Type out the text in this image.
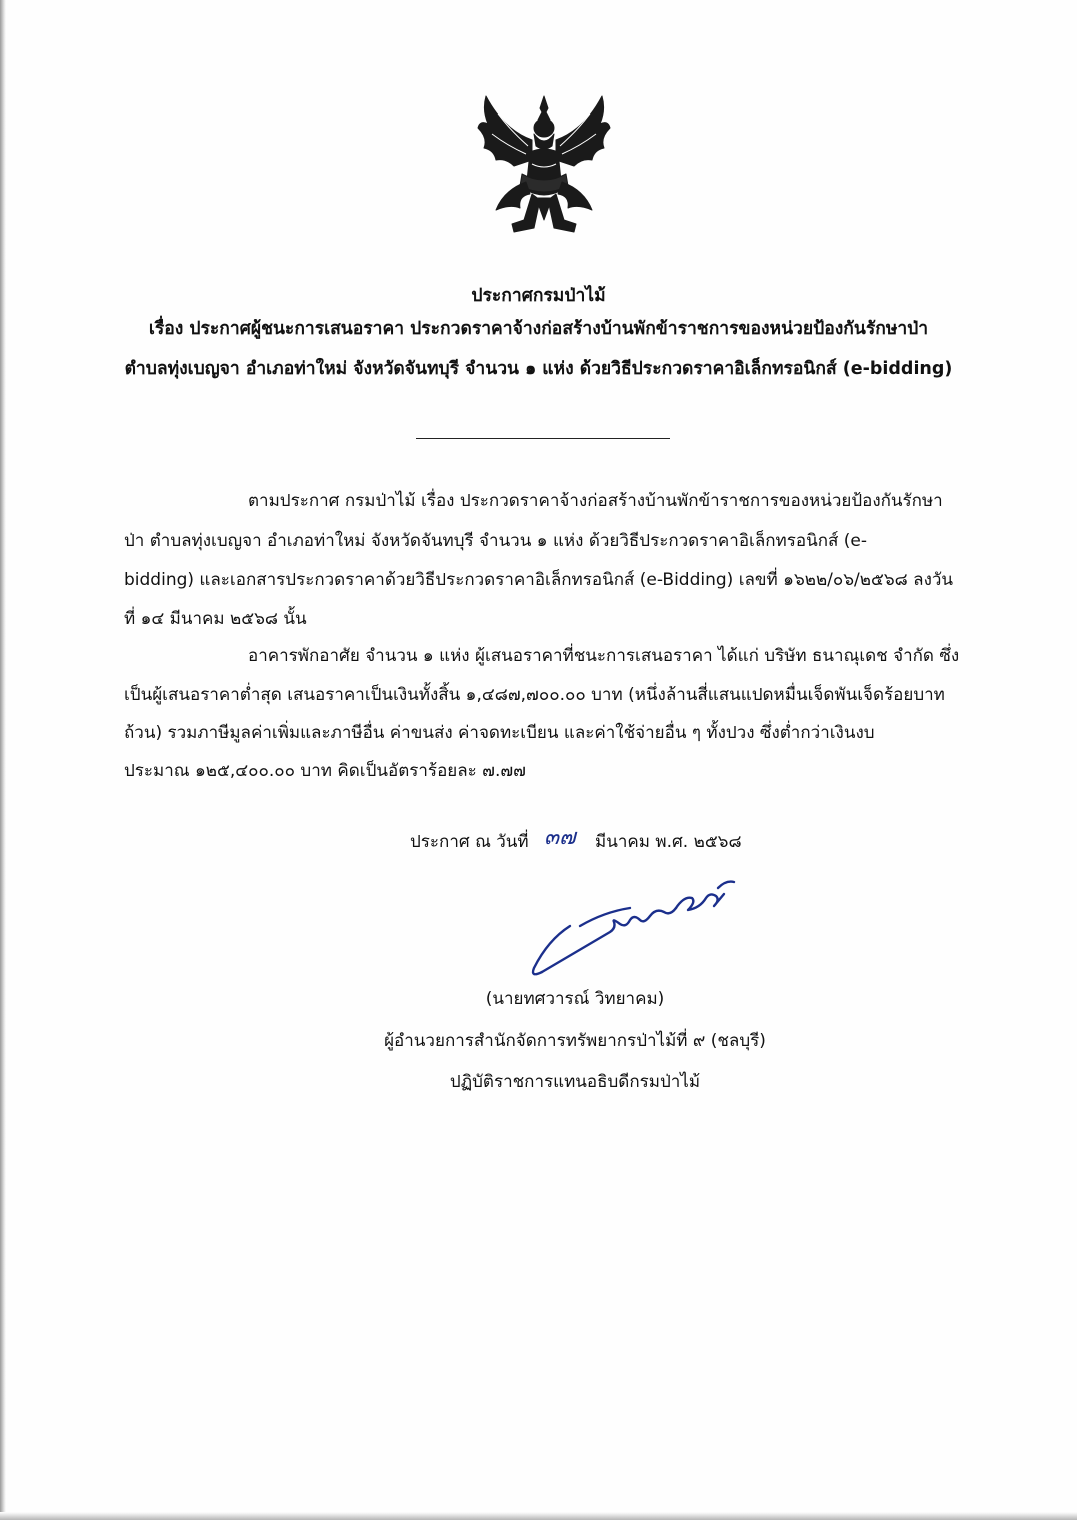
ประกาศกรมป่าไม้
เรื่อง ประกาศผู้ชนะการเสนอราคา ประกวดราคาจ้างก่อสร้างบ้านพักข้าราชการของหน่วยป้องกันรักษาป่า
ตำบลทุ่งเบญจา อำเภอท่าใหม่ จังหวัดจันทบุรี จำนวน ๑ แห่ง ด้วยวิธีประกวดราคาอิเล็กทรอนิกส์ (e-bidding)
ตามประกาศ กรมป่าไม้ เรื่อง ประกวดราคาจ้างก่อสร้างบ้านพักข้าราชการของหน่วยป้องกันรักษา
ป่า ตำบลทุ่งเบญจา อำเภอท่าใหม่ จังหวัดจันทบุรี จำนวน ๑ แห่ง ด้วยวิธีประกวดราคาอิเล็กทรอนิกส์ (e-
bidding) และเอกสารประกวดราคาด้วยวิธีประกวดราคาอิเล็กทรอนิกส์ (e-Bidding) เลขที่ ๑๖๒๒/๐๖/๒๕๖๘ ลงวัน
ที่ ๑๔ มีนาคม ๒๕๖๘ นั้น
อาคารพักอาศัย จำนวน ๑ แห่ง ผู้เสนอราคาที่ชนะการเสนอราคา ได้แก่ บริษัท ธนาณุเดช จำกัด ซึ่ง
เป็นผู้เสนอราคาต่ำสุด เสนอราคาเป็นเงินทั้งสิ้น ๑,๔๘๗,๗๐๐.๐๐ บาท (หนึ่งล้านสี่แสนแปดหมื่นเจ็ดพันเจ็ดร้อยบาท
ถ้วน) รวมภาษีมูลค่าเพิ่มและภาษีอื่น ค่าขนส่ง ค่าจดทะเบียน และค่าใช้จ่ายอื่น ๆ ทั้งปวง ซึ่งต่ำกว่าเงินงบ
ประมาณ ๑๒๕,๔๐๐.๐๐ บาท คิดเป็นอัตราร้อยละ ๗.๗๗
ประกาศ ณ วันที่ ๓๗ มีนาคม พ.ศ. ๒๕๖๘
(นายทศวารณ์ วิทยาคม)
ผู้อำนวยการสำนักจัดการทรัพยากรป่าไม้ที่ ๙ (ชลบุรี)
ปฏิบัติราชการแทนอธิบดีกรมป่าไม้
